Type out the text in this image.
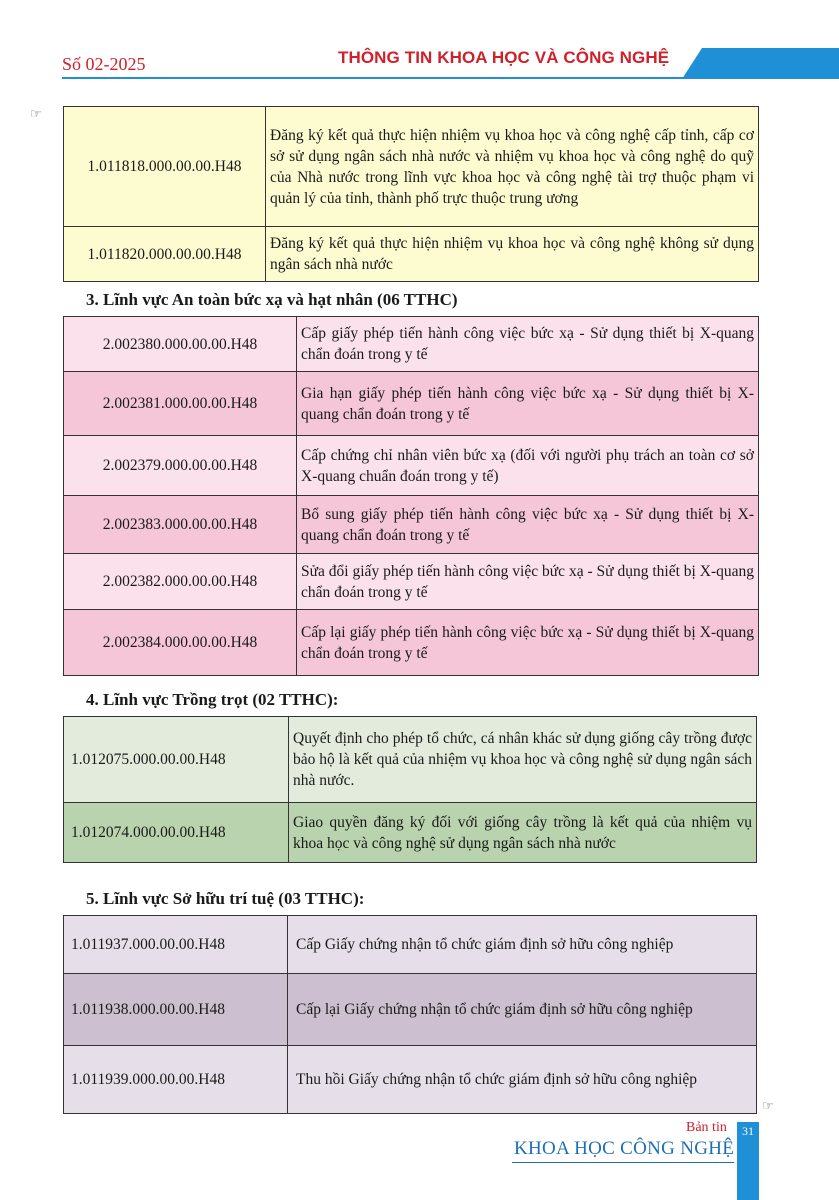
Số 02-2025	THÔNG TIN KHOA HỌC VÀ CÔNG NGHỆ
☞
1.011818.000.00.00.H48	Đăng ký kết quả thực hiện nhiệm vụ khoa học và công nghệ cấp tỉnh, cấp cơ sở sử dụng ngân sách nhà nước và nhiệm vụ khoa học và công nghệ do quỹ của Nhà nước trong lĩnh vực khoa học và công nghệ tài trợ thuộc phạm vi quản lý của tỉnh, thành phố trực thuộc trung ương
1.011820.000.00.00.H48	Đăng ký kết quả thực hiện nhiệm vụ khoa học và công nghệ không sử dụng ngân sách nhà nước
3. Lĩnh vực An toàn bức xạ và hạt nhân (06 TTHC)
2.002380.000.00.00.H48	Cấp giấy phép tiến hành công việc bức xạ - Sử dụng thiết bị X-quang chẩn đoán trong y tế
2.002381.000.00.00.H48	Gia hạn giấy phép tiến hành công việc bức xạ - Sử dụng thiết bị X-quang chẩn đoán trong y tế
2.002379.000.00.00.H48	Cấp chứng chỉ nhân viên bức xạ (đối với người phụ trách an toàn cơ sở X-quang chuẩn đoán trong y tế)
2.002383.000.00.00.H48	Bổ sung giấy phép tiến hành công việc bức xạ - Sử dụng thiết bị X-quang chẩn đoán trong y tế
2.002382.000.00.00.H48	Sửa đổi giấy phép tiến hành công việc bức xạ - Sử dụng thiết bị X-quang chẩn đoán trong y tế
2.002384.000.00.00.H48	Cấp lại giấy phép tiến hành công việc bức xạ - Sử dụng thiết bị X-quang chẩn đoán trong y tế
4. Lĩnh vực Trồng trọt (02 TTHC):
1.012075.000.00.00.H48	Quyết định cho phép tổ chức, cá nhân khác sử dụng giống cây trồng được bảo hộ là kết quả của nhiệm vụ khoa học và công nghệ sử dụng ngân sách nhà nước.
1.012074.000.00.00.H48	Giao quyền đăng ký đối với giống cây trồng là kết quả của nhiệm vụ khoa học và công nghệ sử dụng ngân sách nhà nước
5. Lĩnh vực Sở hữu trí tuệ (03 TTHC):
1.011937.000.00.00.H48	Cấp Giấy chứng nhận tổ chức giám định sở hữu công nghiệp
1.011938.000.00.00.H48	Cấp lại Giấy chứng nhận tổ chức giám định sở hữu công nghiệp
1.011939.000.00.00.H48	Thu hồi Giấy chứng nhận tổ chức giám định sở hữu công nghiệp
☞
Bản tin
KHOA HỌC CÔNG NGHỆ
31
